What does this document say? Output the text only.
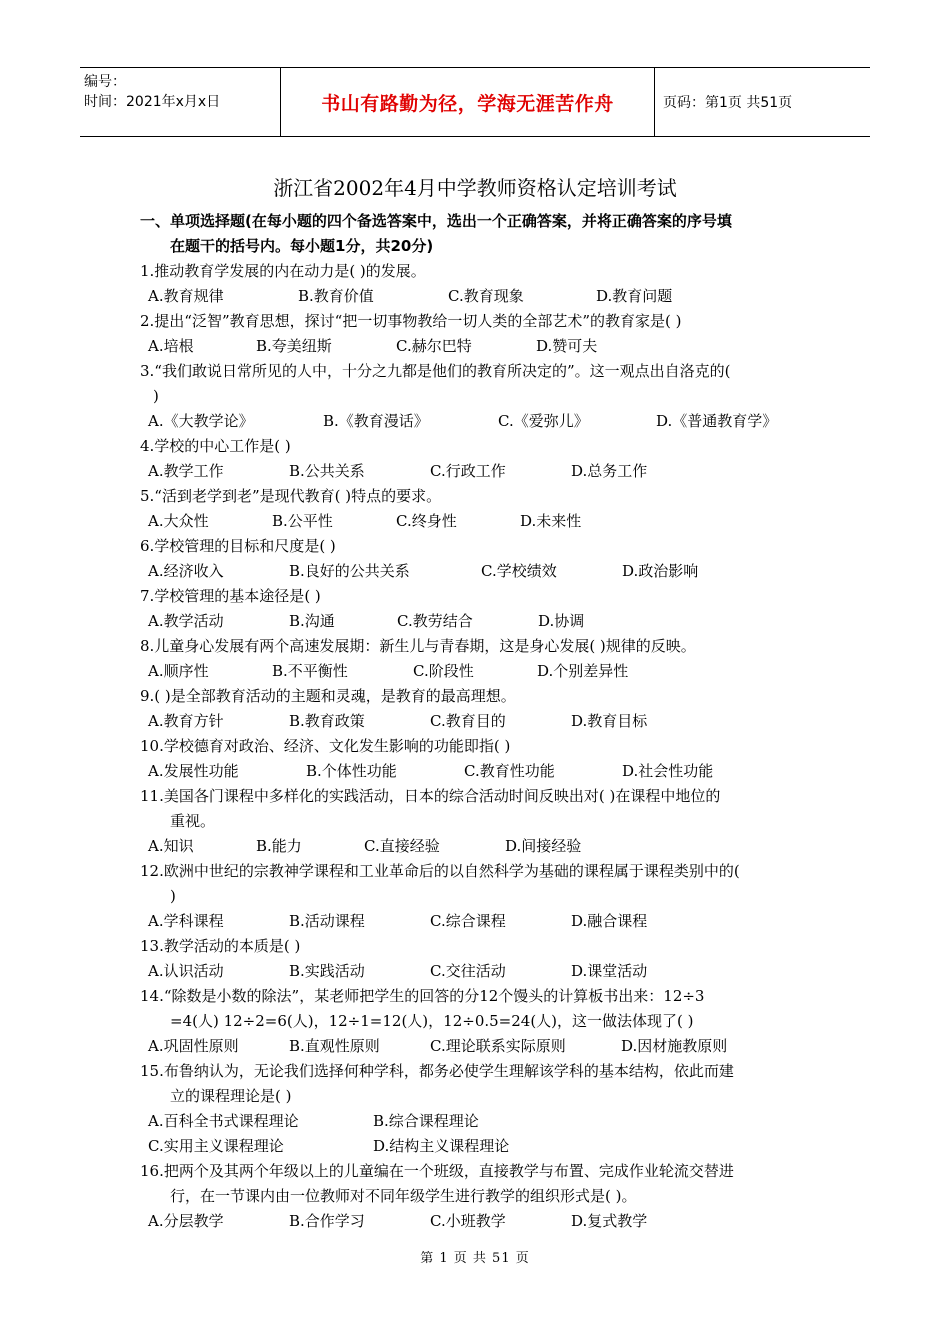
编号：
时间：2021年x月x日	书山有路勤为径，学海无涯苦作舟	页码：第1页 共51页
浙江省2002年4月中学教师资格认定培训考试
一、单项选择题(在每小题的四个备选答案中，选出一个正确答案，并将正确答案的序号填
在题干的括号内。每小题1分，共20分)
1.推动教育学发展的内在动力是( )的发展。
A.教育规律	B.教育价值	C.教育现象	D.教育问题
2.提出“泛智”教育思想，探讨“把一切事物教给一切人类的全部艺术”的教育家是( )
A.培根	B.夸美纽斯	C.赫尔巴特	D.赞可夫
3.“我们敢说日常所见的人中，十分之九都是他们的教育所决定的”。这一观点出自洛克的(
)
A.《大教学论》	B.《教育漫话》	C.《爱弥儿》	D.《普通教育学》
4.学校的中心工作是( )
A.教学工作	B.公共关系	C.行政工作	D.总务工作
5.“活到老学到老”是现代教育( )特点的要求。
A.大众性	B.公平性	C.终身性	D.未来性
6.学校管理的目标和尺度是( )
A.经济收入	B.良好的公共关系	C.学校绩效	D.政治影响
7.学校管理的基本途径是( )
A.教学活动	B.沟通	C.教劳结合	D.协调
8.儿童身心发展有两个高速发展期：新生儿与青春期，这是身心发展( )规律的反映。
A.顺序性	B.不平衡性	C.阶段性	D.个别差异性
9.( )是全部教育活动的主题和灵魂，是教育的最高理想。
A.教育方针	B.教育政策	C.教育目的	D.教育目标
10.学校德育对政治、经济、文化发生影响的功能即指( )
A.发展性功能	B.个体性功能	C.教育性功能	D.社会性功能
11.美国各门课程中多样化的实践活动，日本的综合活动时间反映出对( )在课程中地位的
重视。
A.知识	B.能力	C.直接经验	D.间接经验
12.欧洲中世纪的宗教神学课程和工业革命后的以自然科学为基础的课程属于课程类别中的(
)
A.学科课程	B.活动课程	C.综合课程	D.融合课程
13.教学活动的本质是( )
A.认识活动	B.实践活动	C.交往活动	D.课堂活动
14.“除数是小数的除法”，某老师把学生的回答的分12个馒头的计算板书出来：12÷3
=4(人) 12÷2=6(人)，12÷1=12(人)，12÷0.5=24(人)，这一做法体现了( )
A.巩固性原则	B.直观性原则	C.理论联系实际原则	D.因材施教原则
15.布鲁纳认为，无论我们选择何种学科，都务必使学生理解该学科的基本结构，依此而建
立的课程理论是( )
A.百科全书式课程理论	B.综合课程理论
C.实用主义课程理论	D.结构主义课程理论
16.把两个及其两个年级以上的儿童编在一个班级，直接教学与布置、完成作业轮流交替进
行，在一节课内由一位教师对不同年级学生进行教学的组织形式是( )。
A.分层教学	B.合作学习	C.小班教学	D.复式教学
第 1 页 共 51 页
